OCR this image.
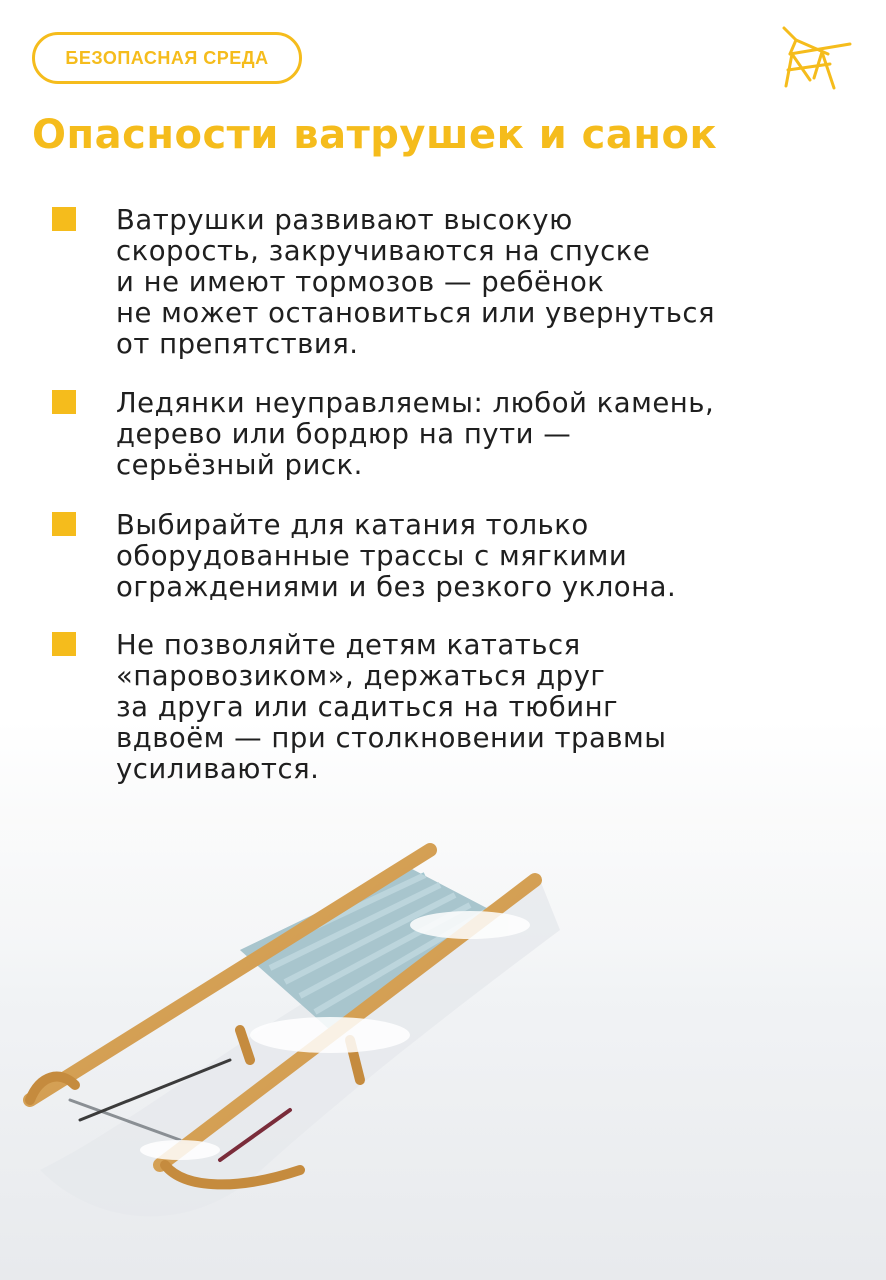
БЕЗОПАСНАЯ СРЕДА
Опасности ватрушек и санок

Ватрушки развивают высокую
скорость, закручиваются на спуске
и не имеют тормозов — ребёнок
не может остановиться или увернуться
от препятствия.

Ледянки неуправляемы: любой камень,
дерево или бордюр на пути —
серьёзный риск.

Выбирайте для катания только
оборудованные трассы с мягкими
ограждениями и без резкого уклона.

Не позволяйте детям кататься
«паровозиком», держаться друг
за друга или садиться на тюбинг
вдвоём — при столкновении травмы
усиливаются.
